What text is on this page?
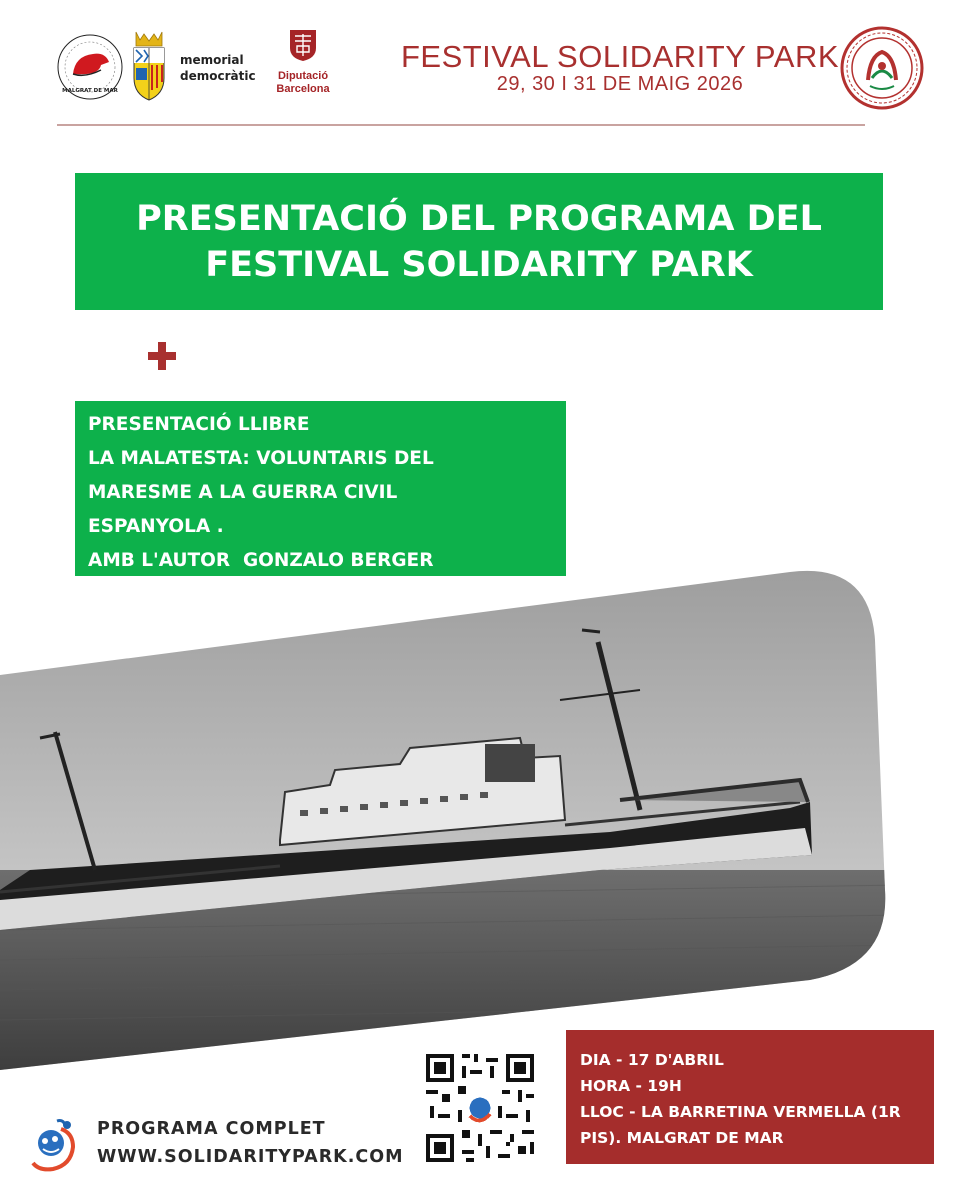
MALGRAT DE MAR
memorial
democràtic	Diputació
Barcelona
FESTIVAL SOLIDARITY PARK
29, 30 I 31 DE MAIG 2026
PRESENTACIÓ DEL PROGRAMA DEL
FESTIVAL SOLIDARITY PARK
PRESENTACIÓ LLIBRE
LA MALATESTA: VOLUNTARIS DEL
MARESME A LA GUERRA CIVIL
ESPANYOLA .
AMB L'AUTOR  GONZALO BERGER
PROGRAMA COMPLET
WWW.SOLIDARITYPARK.COM
DIA - 17 D'ABRIL
HORA - 19H
LLOC - LA BARRETINA VERMELLA (1R
PIS). MALGRAT DE MAR
